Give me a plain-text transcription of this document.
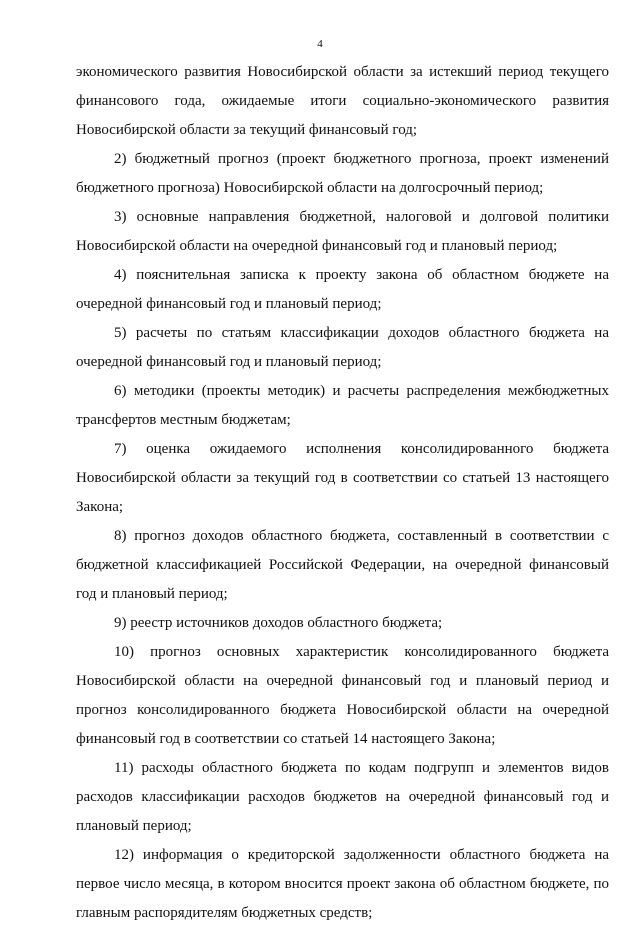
4

экономического развития Новосибирской области за истекший период текущего финансового года, ожидаемые итоги социально-экономического развития Новосибирской области за текущий финансовый год;

2) бюджетный прогноз (проект бюджетного прогноза, проект изменений бюджетного прогноза) Новосибирской области на долгосрочный период;

3) основные направления бюджетной, налоговой и долговой политики Новосибирской области на очередной финансовый год и плановый период;

4) пояснительная записка к проекту закона об областном бюджете на очередной финансовый год и плановый период;

5) расчеты по статьям классификации доходов областного бюджета на очередной финансовый год и плановый период;

6) методики (проекты методик) и расчеты распределения межбюджетных трансфертов местным бюджетам;

7) оценка ожидаемого исполнения консолидированного бюджета Новосибирской области за текущий год в соответствии со статьей 13 настоящего Закона;

8) прогноз доходов областного бюджета, составленный в соответствии с бюджетной классификацией Российской Федерации, на очередной финансовый год и плановый период;

9) реестр источников доходов областного бюджета;

10) прогноз основных характеристик консолидированного бюджета Новосибирской области на очередной финансовый год и плановый период и прогноз консолидированного бюджета Новосибирской области на очередной финансовый год в соответствии со статьей 14 настоящего Закона;

11) расходы областного бюджета по кодам подгрупп и элементов видов расходов классификации расходов бюджетов на очередной финансовый год и плановый период;

12) информация о кредиторской задолженности областного бюджета на первое число месяца, в котором вносится проект закона об областном бюджете, по главным распорядителям бюджетных средств;
